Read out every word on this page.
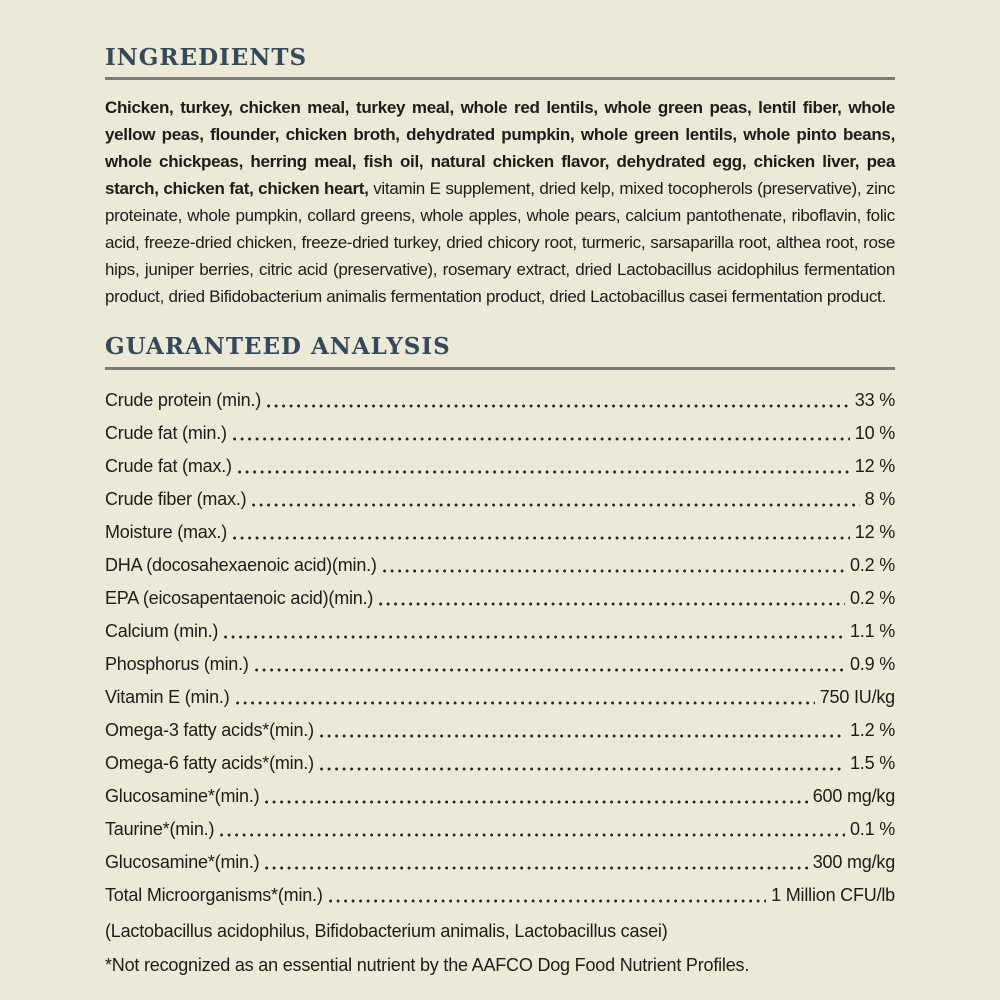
INGREDIENTS

Chicken, turkey, chicken meal, turkey meal, whole red lentils, whole green peas, lentil fiber, whole yellow peas, flounder, chicken broth, dehydrated pumpkin, whole green lentils, whole pinto beans, whole chickpeas, herring meal, fish oil, natural chicken flavor, dehydrated egg, chicken liver, pea starch, chicken fat, chicken heart, vitamin E supplement, dried kelp, mixed tocopherols (preservative), zinc proteinate, whole pumpkin, collard greens, whole apples, whole pears, calcium pantothenate, riboflavin, folic acid, freeze-dried chicken, freeze-dried turkey, dried chicory root, turmeric, sarsaparilla root, althea root, rose hips, juniper berries, citric acid (preservative), rosemary extract, dried Lactobacillus acidophilus fermentation product, dried Bifidobacterium animalis fermentation product, dried Lactobacillus casei fermentation product.

GUARANTEED ANALYSIS
Crude protein (min.)	33 %
Crude fat (min.)	10 %
Crude fat (max.)	12 %
Crude fiber (max.)	8 %
Moisture (max.)	12 %
DHA (docosahexaenoic acid)(min.)	0.2 %
EPA (eicosapentaenoic acid)(min.)	0.2 %
Calcium (min.)	1.1 %
Phosphorus (min.)	0.9 %
Vitamin E (min.)	750 IU/kg
Omega-3 fatty acids*(min.)	1.2 %
Omega-6 fatty acids*(min.)	1.5 %
Glucosamine*(min.)	600 mg/kg
Taurine*(min.)	0.1 %
Glucosamine*(min.)	300 mg/kg
Total Microorganisms*(min.)	1 Million CFU/lb

(Lactobacillus acidophilus, Bifidobacterium animalis, Lactobacillus casei)

*Not recognized as an essential nutrient by the AAFCO Dog Food Nutrient Profiles.
